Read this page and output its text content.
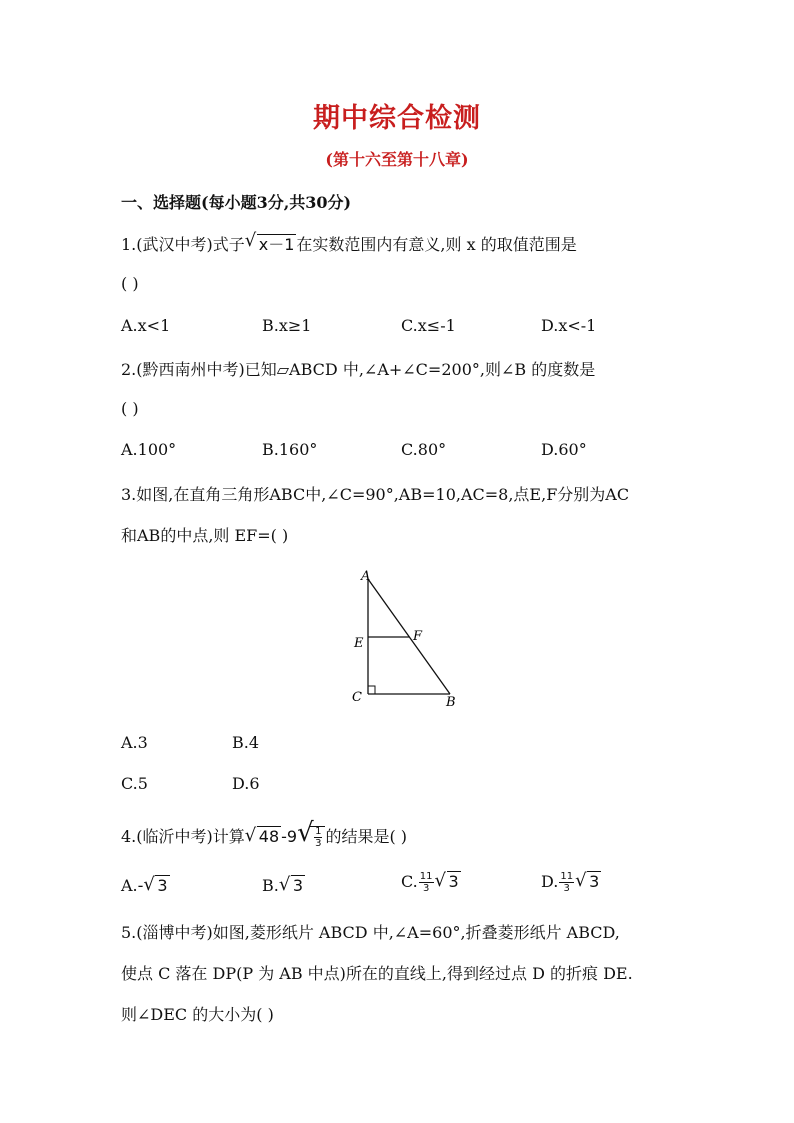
期中综合检测
(第十六至第十八章)
一、选择题(每小题3分,共30分)
1.(武汉中考)式子 √ x－1 在实数范围内有意义,则 x 的取值范围是
( )
A.x<1	B.x≥1	C.x≤-1	D.x<-1
2.(黔西南州中考)已知▱ABCD 中,∠A+∠C=200°,则∠B 的度数是
( )
A.100°	B.160°	C.80°	D.60°
3.如图,在直角三角形ABC中,∠C=90°,AB=10,AC=8,点E,F分别为AC
和AB的中点,则 EF=( )
A
E	F
C	B
A.3	B.4
C.5	D.6
4.(临沂中考)计算 √ 48 -9 √ $\frac{1}{3}$ 的结果是( )
A.- √ 3	B. √ 3	C. $\frac{11}{3}$ √ 3	D. $\frac{11}{3}$ √ 3
5.(淄博中考)如图,菱形纸片 ABCD 中,∠A=60°,折叠菱形纸片 ABCD,
使点 C 落在 DP(P 为 AB 中点)所在的直线上,得到经过点 D 的折痕 DE.
则∠DEC 的大小为( )
